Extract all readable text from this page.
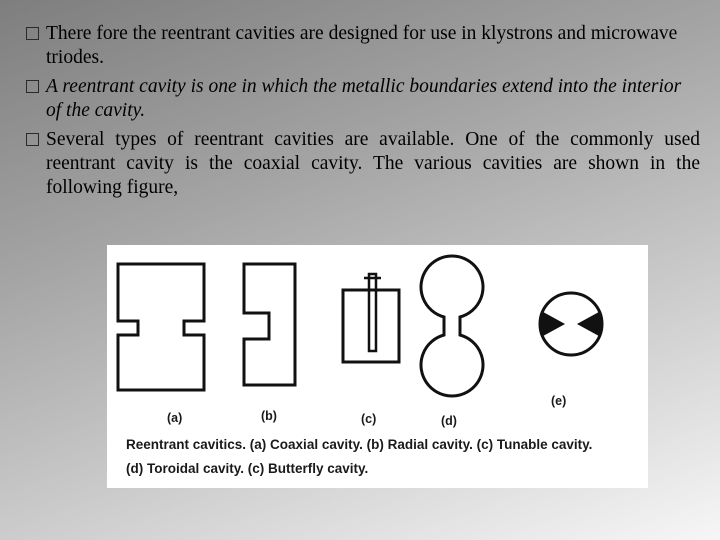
There fore the reentrant cavities are designed for use in klystrons and microwave triodes.
A reentrant cavity is one in which the metallic boundaries extend into the interior of the cavity.
Several types of reentrant cavities are available. One of the commonly used reentrant cavity is the coaxial cavity. The various cavities are shown in the following figure,
(a)	(b)	(c)	(d)
(e)
Reentrant cavitics. (a) Coaxial cavity. (b) Radial cavity. (c) Tunable cavity.
(d) Toroidal cavity. (c) Butterfly cavity.
